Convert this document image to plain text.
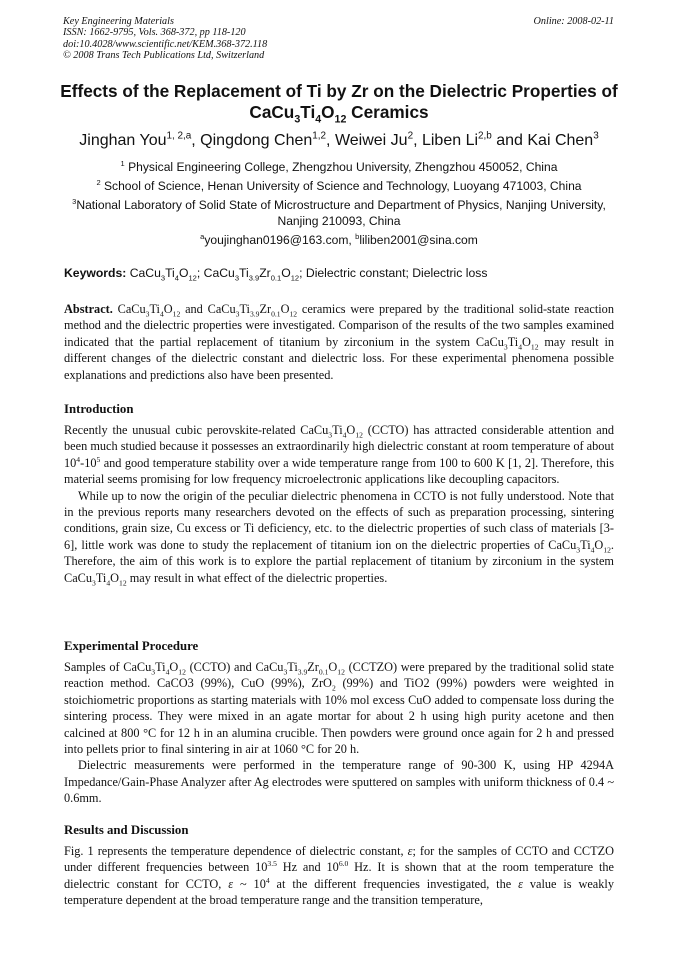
Key Engineering Materials
ISSN: 1662-9795, Vols. 368-372, pp 118-120
doi:10.4028/www.scientific.net/KEM.368-372.118
© 2008 Trans Tech Publications Ltd, Switzerland
Online: 2008-02-11
Effects of the Replacement of Ti by Zr on the Dielectric Properties of
$CaCu_3Ti_4O_{12}$ Ceramics
Jinghan You$^{1, 2,a}$, Qingdong Chen$^{1,2}$, Weiwei Ju$^2$, Liben Li$^{2,b}$ and Kai Chen$^3$
$^1$ Physical Engineering College, Zhengzhou University, Zhengzhou 450052, China
$^2$ School of Science, Henan University of Science and Technology, Luoyang 471003, China
$^3$National Laboratory of Solid State of Microstructure and Department of Physics, Nanjing University,
Nanjing 210093, China
$^a$youjinghan0196@163.com, $^b$liliben2001@sina.com
Keywords: $CaCu_3Ti_4O_{12}$; $CaCu_3Ti_{3.9}Zr_{0.1}O_{12}$; Dielectric constant; Dielectric loss

Abstract. $CaCu_3Ti_4O_{12}$ and $CaCu_3Ti_{3.9}Zr_{0.1}O_{12}$ ceramics were prepared by the traditional solid-state reaction method and the dielectric properties were investigated. Comparison of the results of the two samples examined indicated that the partial replacement of titanium by zirconium in the system $CaCu_3Ti_4O_{12}$ may result in different changes of the dielectric constant and dielectric loss. For these experimental phenomena possible explanations and predictions also have been presented.

Introduction

Recently the unusual cubic perovskite-related $CaCu_3Ti_4O_{12}$ (CCTO) has attracted considerable attention and been much studied because it possesses an extraordinarily high dielectric constant at room temperature of about $10^4-10^5$ and good temperature stability over a wide temperature range from 100 to 600 K [1, 2]. Therefore, this material seems promising for low frequency microelectronic applications like decoupling capacitors.

While up to now the origin of the peculiar dielectric phenomena in CCTO is not fully understood. Note that in the previous reports many researchers devoted on the effects of such as preparation processing, sintering conditions, grain size, Cu excess or Ti deficiency, etc. to the dielectric properties of such class of materials [3-6], little work was done to study the replacement of titanium ion on the dielectric properties of $CaCu_3Ti_4O_{12}$. Therefore, the aim of this work is to explore the partial replacement of titanium by zirconium in the system $CaCu_3Ti_4O_{12}$ may result in what effect of the dielectric properties.

Experimental Procedure

Samples of $CaCu_3Ti_4O_{12}$ (CCTO) and $CaCu_3Ti_{3.9}Zr_{0.1}O_{12}$ (CCTZO) were prepared by the traditional solid state reaction method. CaCO3 (99%), CuO (99%), ZrO$_2$ (99%) and TiO2 (99%) powders were weighted in stoichiometric proportions as starting materials with 10% mol excess CuO added to compensate loss during the sintering process. They were mixed in an agate mortar for about 2 h using high purity acetone and then calcined at 800 °C for 12 h in an alumina crucible. Then powders were ground once again for 2 h and pressed into pellets prior to final sintering in air at 1060 °C for 20 h.

Dielectric measurements were performed in the temperature range of 90-300 K, using HP 4294A Impedance/Gain-Phase Analyzer after Ag electrodes were sputtered on samples with uniform thickness of 0.4 ~ 0.6mm.

Results and Discussion

Fig. 1 represents the temperature dependence of dielectric constant, ε; for the samples of CCTO and CCTZO under different frequencies between $10^{3.5}$ Hz and $10^{6.0}$ Hz. It is shown that at the room temperature the dielectric constant for CCTO, ε ~ $10^4$ at the different frequencies investigated, the ε value is weakly temperature dependent at the broad temperature range and the transition temperature,
